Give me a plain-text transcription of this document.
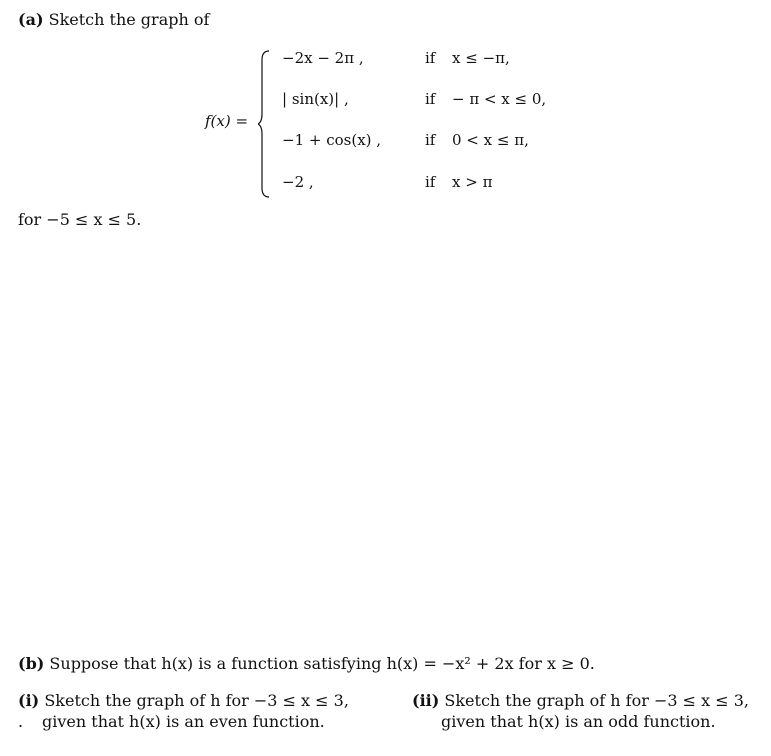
(a) Sketch the graph of
f(x) =
−2x − 2π ,	if x ≤ −π,
| sin(x)| ,	if − π < x ≤ 0,
−1 + cos(x) ,	if 0 < x ≤ π,
−2 ,	if x > π
for −5 ≤ x ≤ 5.
(b) Suppose that h(x) is a function satisfying h(x) = −x² + 2x for x ≥ 0.
(i) Sketch the graph of h for −3 ≤ x ≤ 3,
. given that h(x) is an even function.
(ii) Sketch the graph of h for −3 ≤ x ≤ 3,
given that h(x) is an odd function.
